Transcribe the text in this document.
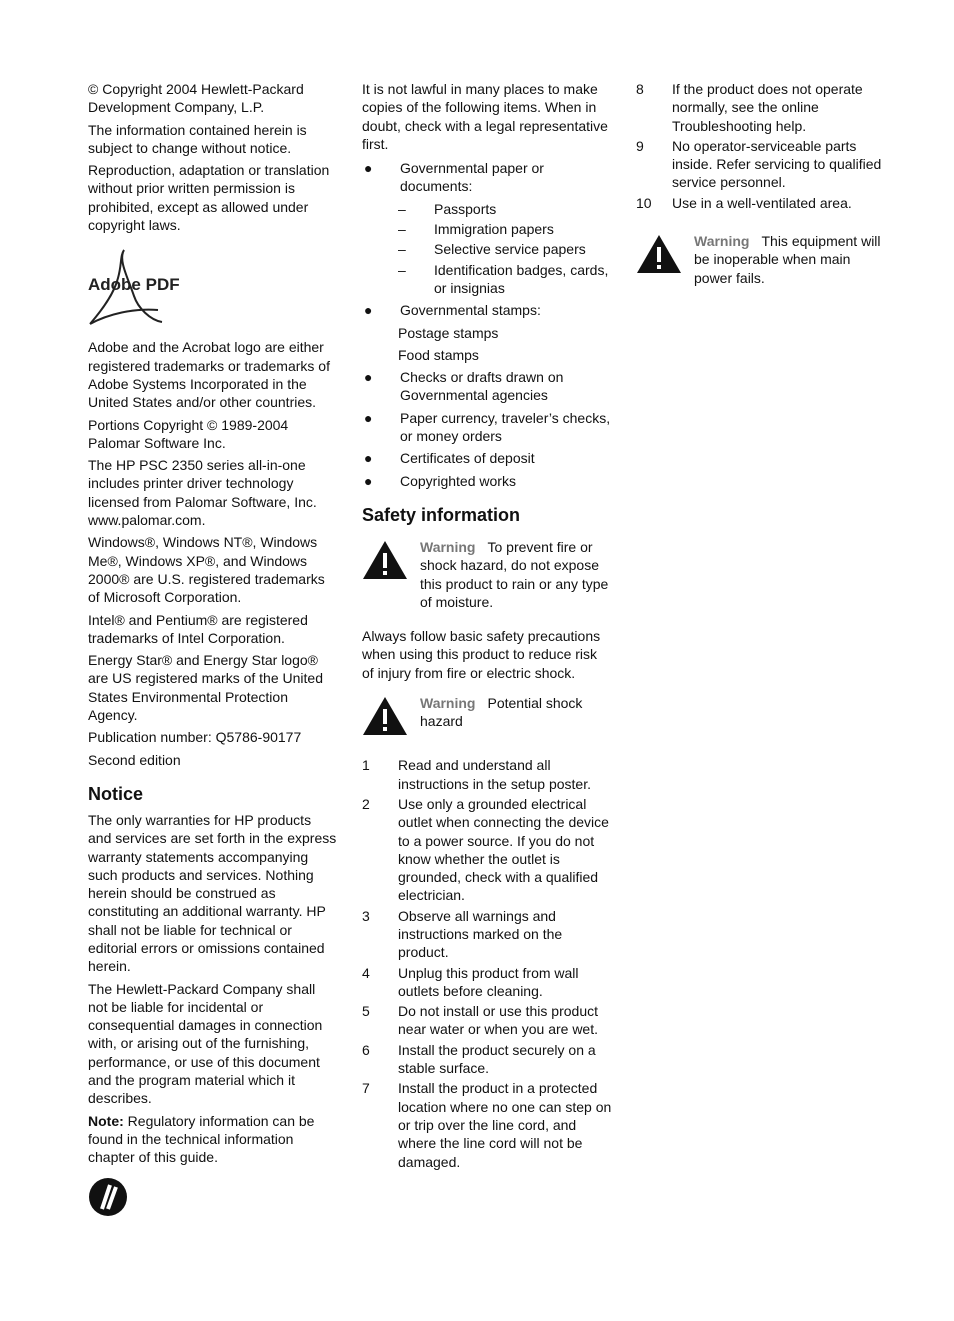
© Copyright 2004 Hewlett-Packard Development Company, L.P.

The information contained herein is subject to change without notice.

Reproduction, adaptation or translation without prior written permission is prohibited, except as allowed under copyright laws.

Adobe PDF

Adobe and the Acrobat logo are either registered trademarks or trademarks of Adobe Systems Incorporated in the United States and/or other countries.

Portions Copyright © 1989-2004 Palomar Software Inc.

The HP PSC 2350 series all-in-one includes printer driver technology licensed from Palomar Software, Inc. www.palomar.com.

Windows®, Windows NT®, Windows Me®, Windows XP®, and Windows 2000® are U.S. registered trademarks of Microsoft Corporation.

Intel® and Pentium® are registered trademarks of Intel Corporation.

Energy Star® and Energy Star logo® are US registered marks of the United States Environmental Protection Agency.

Publication number: Q5786-90177

Second edition

Notice

The only warranties for HP products and services are set forth in the express warranty statements accompanying such products and services. Nothing herein should be construed as constituting an additional warranty. HP shall not be liable for technical or editorial errors or omissions contained herein.

The Hewlett-Packard Company shall not be liable for incidental or consequential damages in connection with, or arising out of the furnishing, performance, or use of this document and the program material which it describes.

Note: Regulatory information can be found in the technical information chapter of this guide.

It is not lawful in many places to make copies of the following items. When in doubt, check with a legal representative first.

●	Governmental paper or documents:
–	Passports
–	Immigration papers
–	Selective service papers
–	Identification badges, cards, or insignias
●	Governmental stamps:

Postage stamps

Food stamps

●	Checks or drafts drawn on Governmental agencies
●	Paper currency, traveler’s checks, or money orders
●	Certificates of deposit
●	Copyrighted works
Safety information
Warning To prevent fire or shock hazard, do not expose this product to rain or any type of moisture.

Always follow basic safety precautions when using this product to reduce risk of injury from fire or electric shock.

Warning Potential shock hazard
1	Read and understand all instructions in the setup poster.
2	Use only a grounded electrical outlet when connecting the device to a power source. If you do not know whether the outlet is grounded, check with a qualified electrician.
3	Observe all warnings and instructions marked on the product.
4	Unplug this product from wall outlets before cleaning.
5	Do not install or use this product near water or when you are wet.
6	Install the product securely on a stable surface.
7	Install the product in a protected location where no one can step on or trip over the line cord, and where the line cord will not be damaged.
8	If the product does not operate normally, see the online Troubleshooting help.
9	No operator-serviceable parts inside. Refer servicing to qualified service personnel.
10	Use in a well-ventilated area.
Warning This equipment will be inoperable when main power fails.
